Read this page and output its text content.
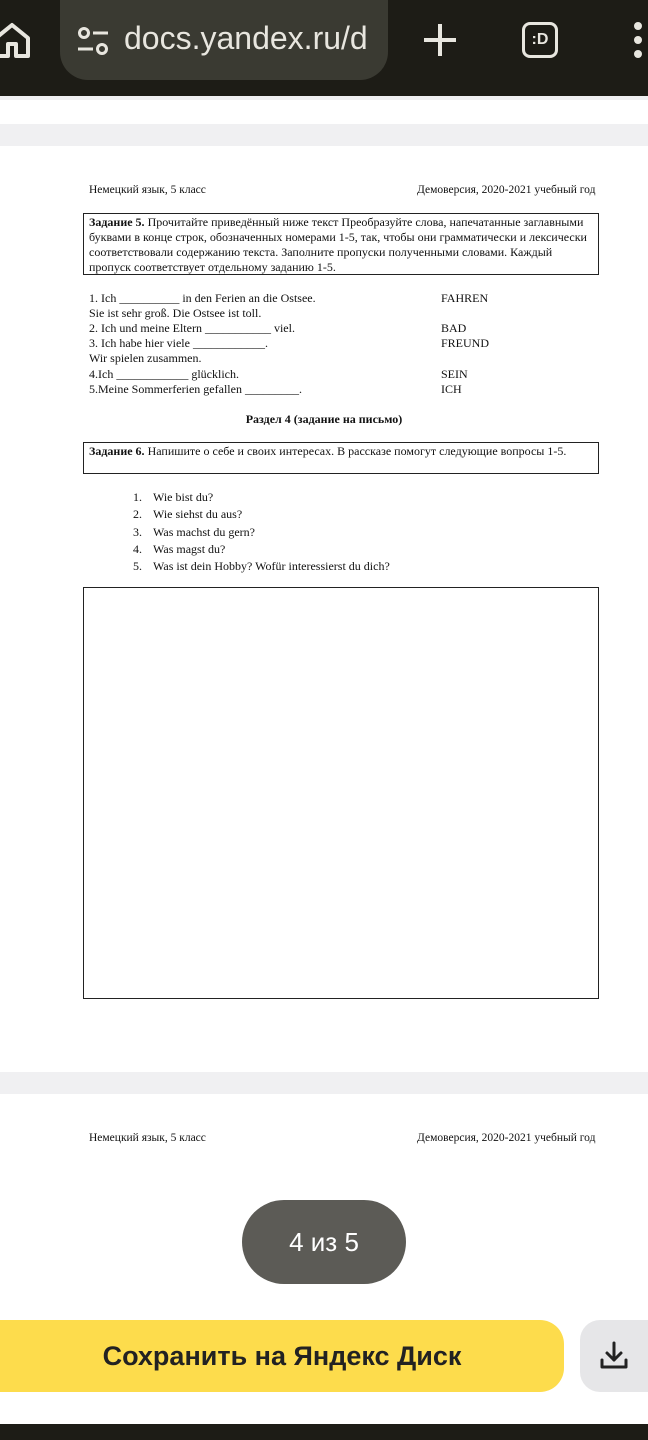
docs.yandex.ru/d	:D
Немецкий язык, 5 класс	Демоверсия, 2020-2021 учебный год
Задание 5. Прочитайте приведённый ниже текст Преобразуйте слова, напечатанные заглавными буквами в конце строк, обозначенных номерами 1-5, так, чтобы они грамматически и лексически соответствовали содержанию текста. Заполните пропуски полученными словами. Каждый пропуск соответствует отдельному заданию 1-5.
1. Ich __________ in den Ferien an die Ostsee.	FAHREN
Sie ist sehr groß. Die Ostsee ist toll.
2. Ich und meine Eltern ___________ viel.	BAD
3. Ich habe hier viele ____________.	FREUND
Wir spielen zusammen.
4.Ich ____________ glücklich.	SEIN
5.Meine Sommerferien gefallen _________.	ICH
Раздел 4 (задание на письмо)
Задание 6. Напишите о себе и своих интересах. В рассказе помогут следующие вопросы 1-5.
1. Wie bist du?
2. Wie siehst du aus?
3. Was machst du gern?
4. Was magst du?
5. Was ist dein Hobby? Wofür interessierst du dich?
Немецкий язык, 5 класс	Демоверсия, 2020-2021 учебный год
4 из 5
Сохранить на Яндекс Диск
